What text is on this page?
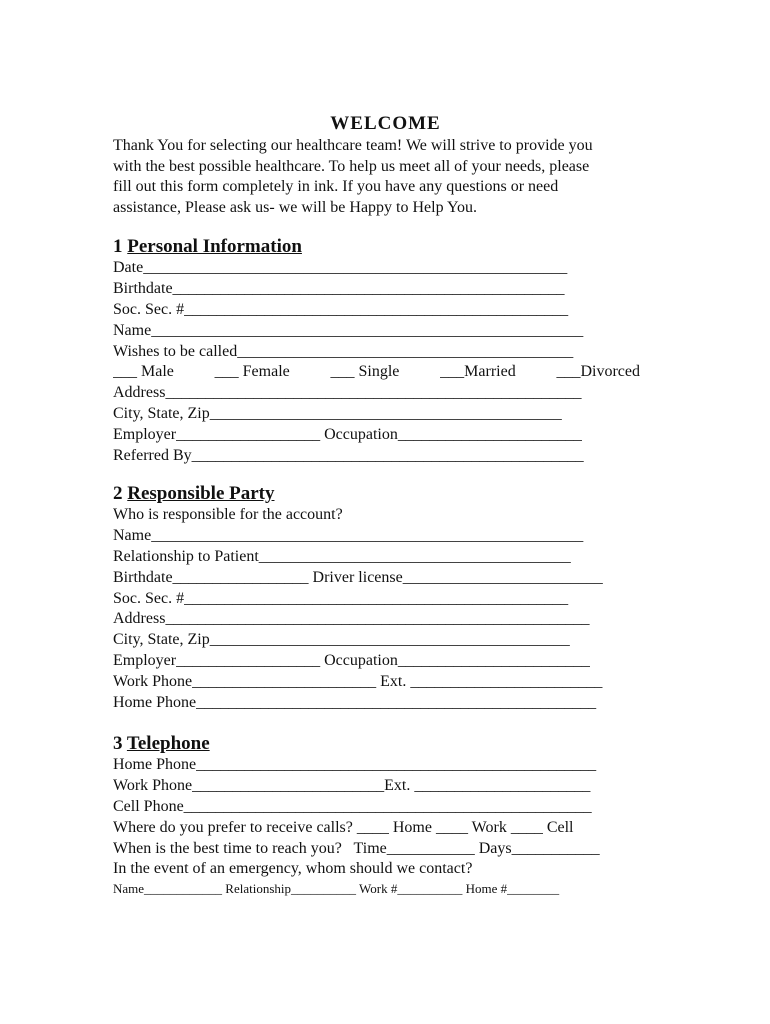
WELCOME
Thank You for selecting our healthcare team! We will strive to provide you
with the best possible healthcare. To help us meet all of your needs, please
fill out this form completely in ink. If you have any questions or need
assistance, Please ask us- we will be Happy to Help You.
1 Personal Information
Date_____________________________________________________
Birthdate_________________________________________________
Soc. Sec. #________________________________________________
Name______________________________________________________
Wishes to be called__________________________________________
___ Male	___ Female	___ Single	___Married	___Divorced
Address____________________________________________________
City, State, Zip____________________________________________
Employer__________________ Occupation_______________________
Referred By_________________________________________________
2 Responsible Party
Who is responsible for the account?
Name______________________________________________________
Relationship to Patient_______________________________________
Birthdate_________________ Driver license_________________________
Soc. Sec. #________________________________________________
Address_____________________________________________________
City, State, Zip_____________________________________________
Employer__________________ Occupation________________________
Work Phone_______________________ Ext. ________________________
Home Phone__________________________________________________
3 Telephone
Home Phone__________________________________________________
Work Phone________________________Ext. ______________________
Cell Phone___________________________________________________
Where do you prefer to receive calls? ____ Home ____ Work ____ Cell
When is the best time to reach you? Time___________ Days___________
In the event of an emergency, whom should we contact?
Name____________ Relationship__________ Work #__________ Home #________
